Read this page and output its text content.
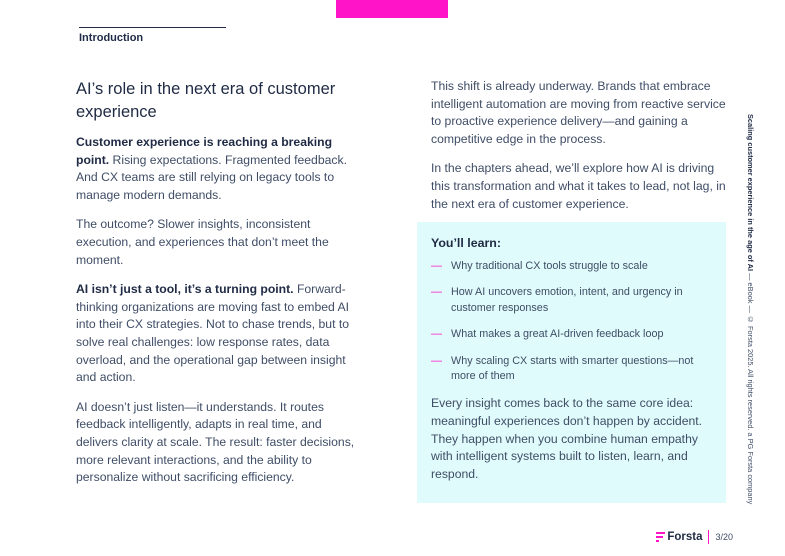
Introduction
AI’s role in the next era of customer experience

Customer experience is reaching a breaking point. Rising expectations. Fragmented feedback. And CX teams are still relying on legacy tools to manage modern demands.

The outcome? Slower insights, inconsistent execution, and experiences that don’t meet the moment.

AI isn’t just a tool, it’s a turning point. Forward-thinking organizations are moving fast to embed AI into their CX strategies. Not to chase trends, but to solve real challenges: low response rates, data overload, and the operational gap between insight and action.

AI doesn’t just listen—it understands. It routes feedback intelligently, adapts in real time, and delivers clarity at scale. The result: faster decisions, more relevant interactions, and the ability to personalize without sacrificing efficiency.

This shift is already underway. Brands that embrace intelligent automation are moving from reactive service to proactive experience delivery—and gaining a competitive edge in the process.

In the chapters ahead, we’ll explore how AI is driving this transformation and what it takes to lead, not lag, in the next era of customer experience.

You’ll learn:
— Why traditional CX tools struggle to scale
— How AI uncovers emotion, intent, and urgency in customer responses
— What makes a great AI-driven feedback loop
— Why scaling CX starts with smarter questions—not more of them
Every insight comes back to the same core idea: meaningful experiences don’t happen by accident. They happen when you combine human empathy with intelligent systems built to listen, learn, and respond.
Scaling customer experience in the age of AI — eBook — © Forsta 2025. All rights reserved. a PG Forsta company
Forsta 3/20
